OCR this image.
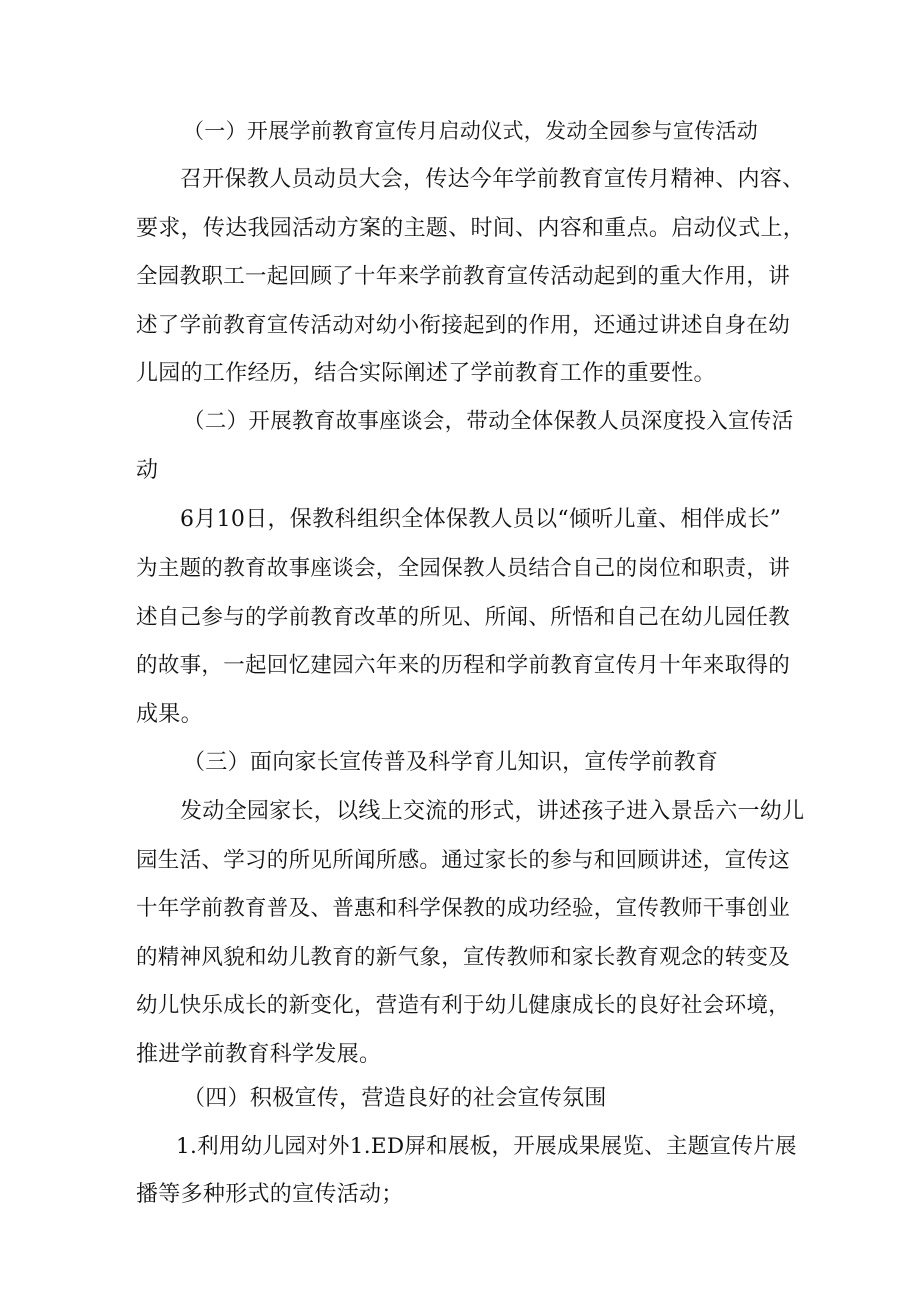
（一）开展学前教育宣传月启动仪式，发动全园参与宣传活动
召开保教人员动员大会，传达今年学前教育宣传月精神、内容、
要求，传达我园活动方案的主题、时间、内容和重点。启动仪式上，
全园教职工一起回顾了十年来学前教育宣传活动起到的重大作用，讲
述了学前教育宣传活动对幼小衔接起到的作用，还通过讲述自身在幼
儿园的工作经历，结合实际阐述了学前教育工作的重要性。
（二）开展教育故事座谈会，带动全体保教人员深度投入宣传活
动
6月10日，保教科组织全体保教人员以“倾听儿童、相伴成长”
为主题的教育故事座谈会，全园保教人员结合自己的岗位和职责，讲
述自己参与的学前教育改革的所见、所闻、所悟和自己在幼儿园任教
的故事，一起回忆建园六年来的历程和学前教育宣传月十年来取得的
成果。
（三）面向家长宣传普及科学育儿知识，宣传学前教育
发动全园家长，以线上交流的形式，讲述孩子进入景岳六一幼儿
园生活、学习的所见所闻所感。通过家长的参与和回顾讲述，宣传这
十年学前教育普及、普惠和科学保教的成功经验，宣传教师干事创业
的精神风貌和幼儿教育的新气象，宣传教师和家长教育观念的转变及
幼儿快乐成长的新变化，营造有利于幼儿健康成长的良好社会环境，
推进学前教育科学发展。
（四）积极宣传，营造良好的社会宣传氛围
1.利用幼儿园对外1.ED屏和展板，开展成果展览、主题宣传片展
播等多种形式的宣传活动；
